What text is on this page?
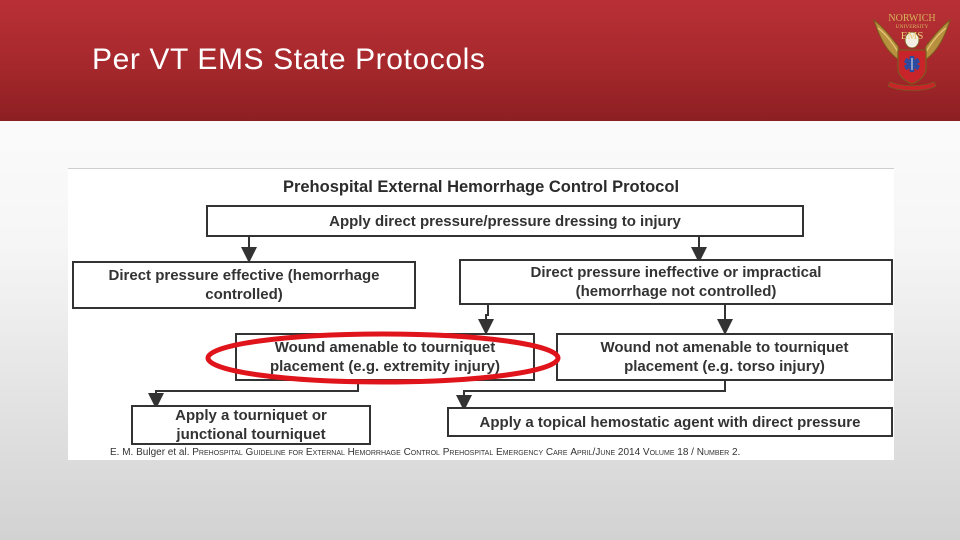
Per VT EMS State Protocols
NORWICH
UNIVERSITY
EMS
Prehospital External Hemorrhage Control Protocol
Apply direct pressure/pressure dressing to injury
Direct pressure effective (hemorrhage controlled)
Direct pressure ineffective or impractical (hemorrhage not controlled)
Wound amenable to tourniquet placement (e.g. extremity injury)
Wound not amenable to tourniquet placement (e.g. torso injury)
Apply a tourniquet or junctional tourniquet
Apply a topical hemostatic agent with direct pressure
E. M. Bulger et al. Prehospital Guideline for External Hemorrhage Control Prehospital Emergency Care April/June 2014 Volume 18 / Number 2.
